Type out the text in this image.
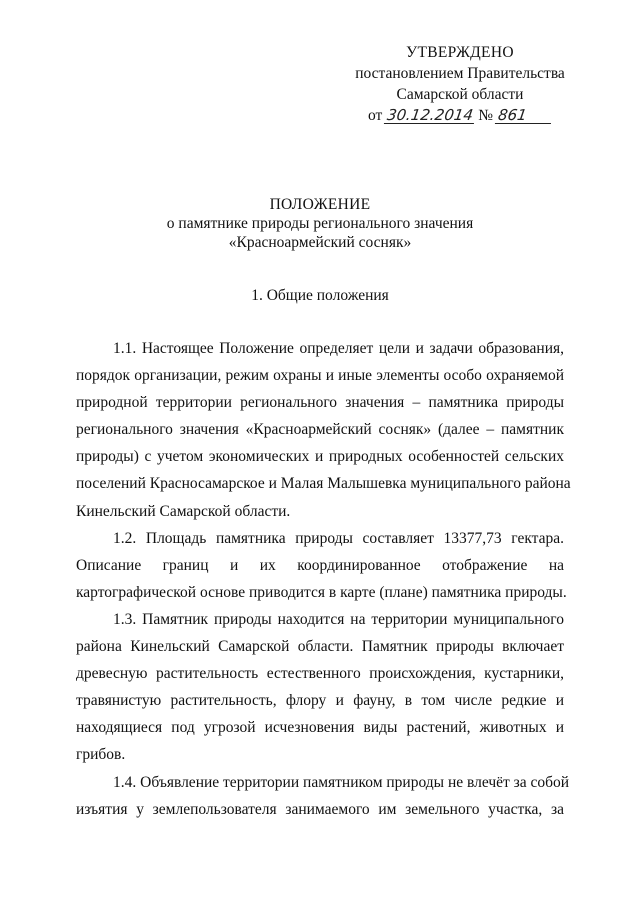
УТВЕРЖДЕНО
постановлением Правительства
Самарской области
от 30.12.2014 № 861
ПОЛОЖЕНИЕ
о памятнике природы регионального значения
«Красноармейский сосняк»
1. Общие положения

1.1. Настоящее Положение определяет цели и задачи образования,
порядок организации, режим охраны и иные элементы особо охраняемой
природной территории регионального значения – памятника природы
регионального значения «Красноармейский сосняк» (далее – памятник
природы) с учетом экономических и природных особенностей сельских
поселений Красносамарское и Малая Малышевка муниципального района
Кинельский Самарской области.

1.2. Площадь памятника природы составляет 13377,73 гектара.
Описание границ и их координированное отображение на
картографической основе приводится в карте (плане) памятника природы.

1.3. Памятник природы находится на территории муниципального
района Кинельский Самарской области. Памятник природы включает
древесную растительность естественного происхождения, кустарники,
травянистую растительность, флору и фауну, в том числе редкие и
находящиеся под угрозой исчезновения виды растений, животных и
грибов.

1.4. Объявление территории памятником природы не влечёт за собой
изъятия у землепользователя занимаемого им земельного участка, за
